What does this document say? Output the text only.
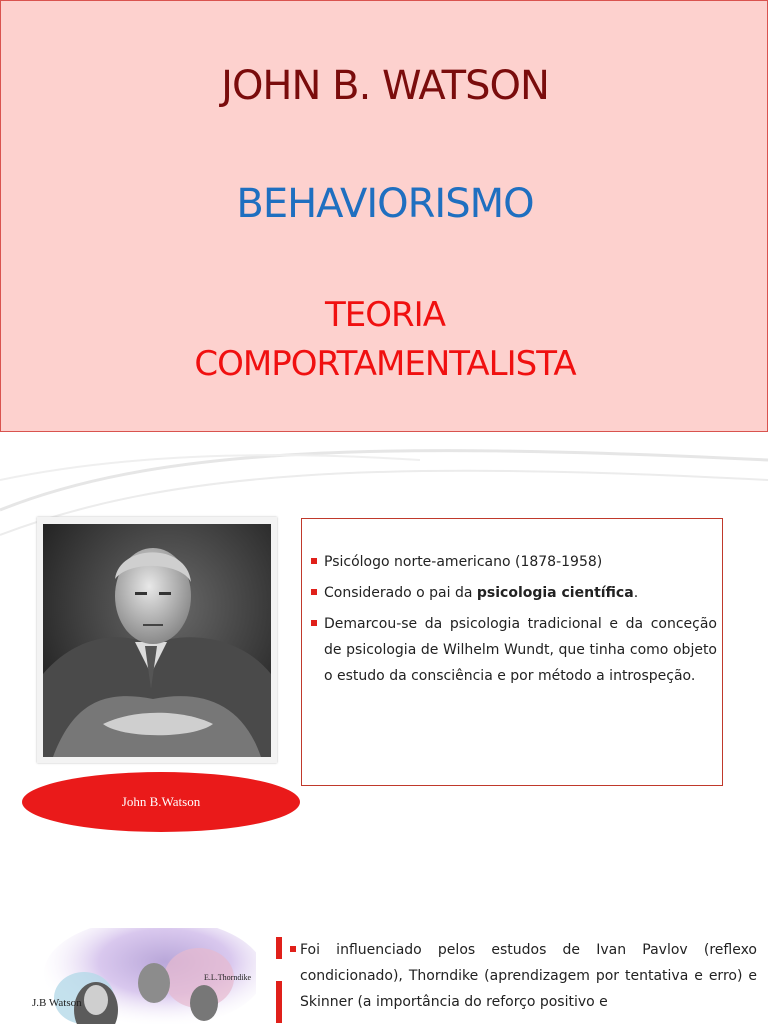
JOHN B. WATSON
BEHAVIORISMO
TEORIA
COMPORTAMENTALISTA
John B.Watson
Psicólogo norte-americano (1878-1958)
Considerado o pai da psicologia científica.
Demarcou-se da psicologia tradicional e da conceção de psicologia de Wilhelm Wundt, que tinha como objeto o estudo da consciência e por método a introspeção.
J.B Watson
E.L.Thorndike
Foi influenciado pelos estudos de Ivan Pavlov (reflexo condicionado), Thorndike (aprendizagem por tentativa e erro) e Skinner (a importância do reforço positivo e
